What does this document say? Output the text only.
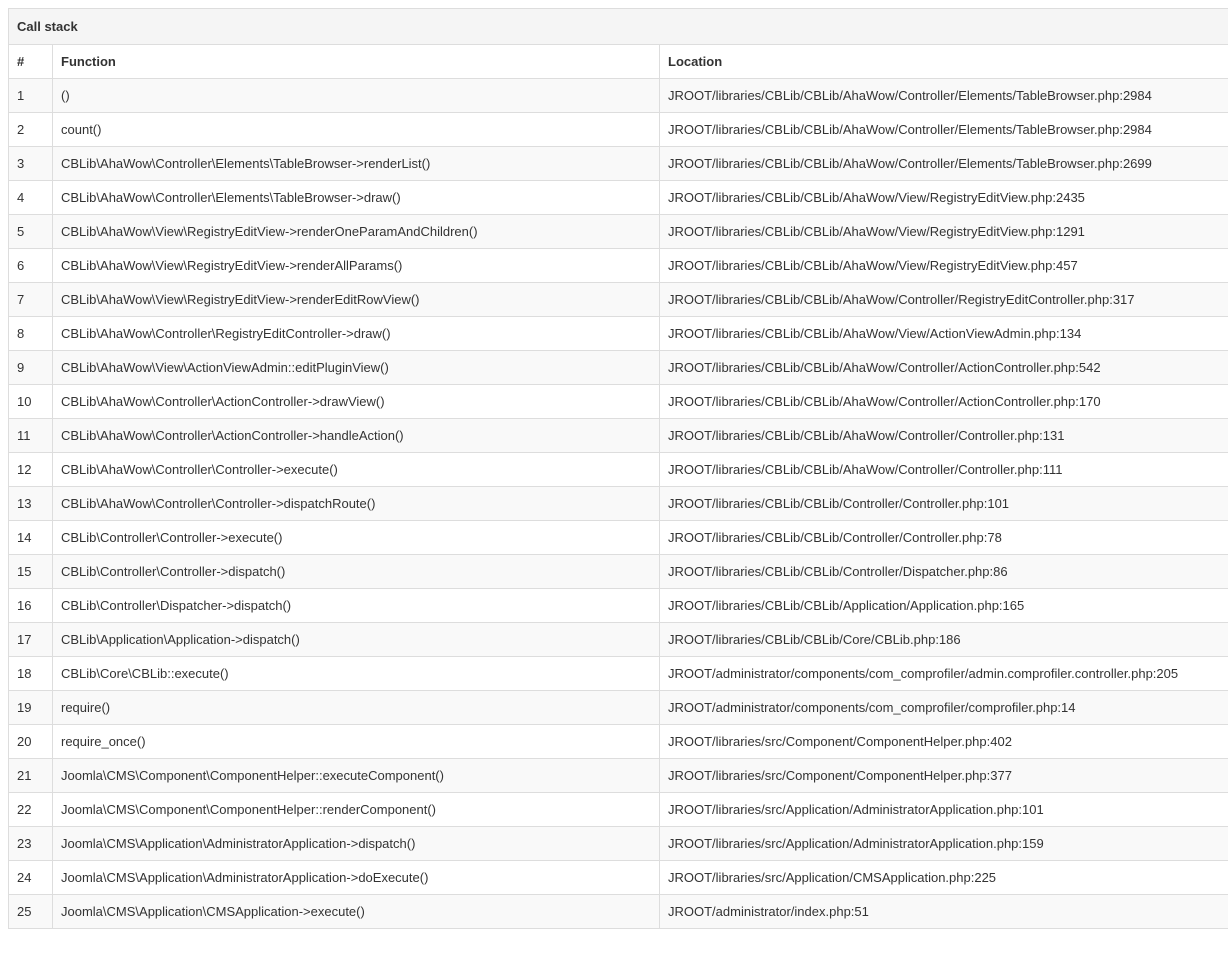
Call stack		
#	Function	Location
1	()	JROOT/libraries/CBLib/CBLib/AhaWow/Controller/Elements/TableBrowser.php:2984
2	count()	JROOT/libraries/CBLib/CBLib/AhaWow/Controller/Elements/TableBrowser.php:2984
3	CBLib\AhaWow\Controller\Elements\TableBrowser->renderList()	JROOT/libraries/CBLib/CBLib/AhaWow/Controller/Elements/TableBrowser.php:2699
4	CBLib\AhaWow\Controller\Elements\TableBrowser->draw()	JROOT/libraries/CBLib/CBLib/AhaWow/View/RegistryEditView.php:2435
5	CBLib\AhaWow\View\RegistryEditView->renderOneParamAndChildren()	JROOT/libraries/CBLib/CBLib/AhaWow/View/RegistryEditView.php:1291
6	CBLib\AhaWow\View\RegistryEditView->renderAllParams()	JROOT/libraries/CBLib/CBLib/AhaWow/View/RegistryEditView.php:457
7	CBLib\AhaWow\View\RegistryEditView->renderEditRowView()	JROOT/libraries/CBLib/CBLib/AhaWow/Controller/RegistryEditController.php:317
8	CBLib\AhaWow\Controller\RegistryEditController->draw()	JROOT/libraries/CBLib/CBLib/AhaWow/View/ActionViewAdmin.php:134
9	CBLib\AhaWow\View\ActionViewAdmin::editPluginView()	JROOT/libraries/CBLib/CBLib/AhaWow/Controller/ActionController.php:542
10	CBLib\AhaWow\Controller\ActionController->drawView()	JROOT/libraries/CBLib/CBLib/AhaWow/Controller/ActionController.php:170
11	CBLib\AhaWow\Controller\ActionController->handleAction()	JROOT/libraries/CBLib/CBLib/AhaWow/Controller/Controller.php:131
12	CBLib\AhaWow\Controller\Controller->execute()	JROOT/libraries/CBLib/CBLib/AhaWow/Controller/Controller.php:111
13	CBLib\AhaWow\Controller\Controller->dispatchRoute()	JROOT/libraries/CBLib/CBLib/Controller/Controller.php:101
14	CBLib\Controller\Controller->execute()	JROOT/libraries/CBLib/CBLib/Controller/Controller.php:78
15	CBLib\Controller\Controller->dispatch()	JROOT/libraries/CBLib/CBLib/Controller/Dispatcher.php:86
16	CBLib\Controller\Dispatcher->dispatch()	JROOT/libraries/CBLib/CBLib/Application/Application.php:165
17	CBLib\Application\Application->dispatch()	JROOT/libraries/CBLib/CBLib/Core/CBLib.php:186
18	CBLib\Core\CBLib::execute()	JROOT/administrator/components/com_comprofiler/admin.comprofiler.controller.php:205
19	require()	JROOT/administrator/components/com_comprofiler/comprofiler.php:14
20	require_once()	JROOT/libraries/src/Component/ComponentHelper.php:402
21	Joomla\CMS\Component\ComponentHelper::executeComponent()	JROOT/libraries/src/Component/ComponentHelper.php:377
22	Joomla\CMS\Component\ComponentHelper::renderComponent()	JROOT/libraries/src/Application/AdministratorApplication.php:101
23	Joomla\CMS\Application\AdministratorApplication->dispatch()	JROOT/libraries/src/Application/AdministratorApplication.php:159
24	Joomla\CMS\Application\AdministratorApplication->doExecute()	JROOT/libraries/src/Application/CMSApplication.php:225
25	Joomla\CMS\Application\CMSApplication->execute()	JROOT/administrator/index.php:51
